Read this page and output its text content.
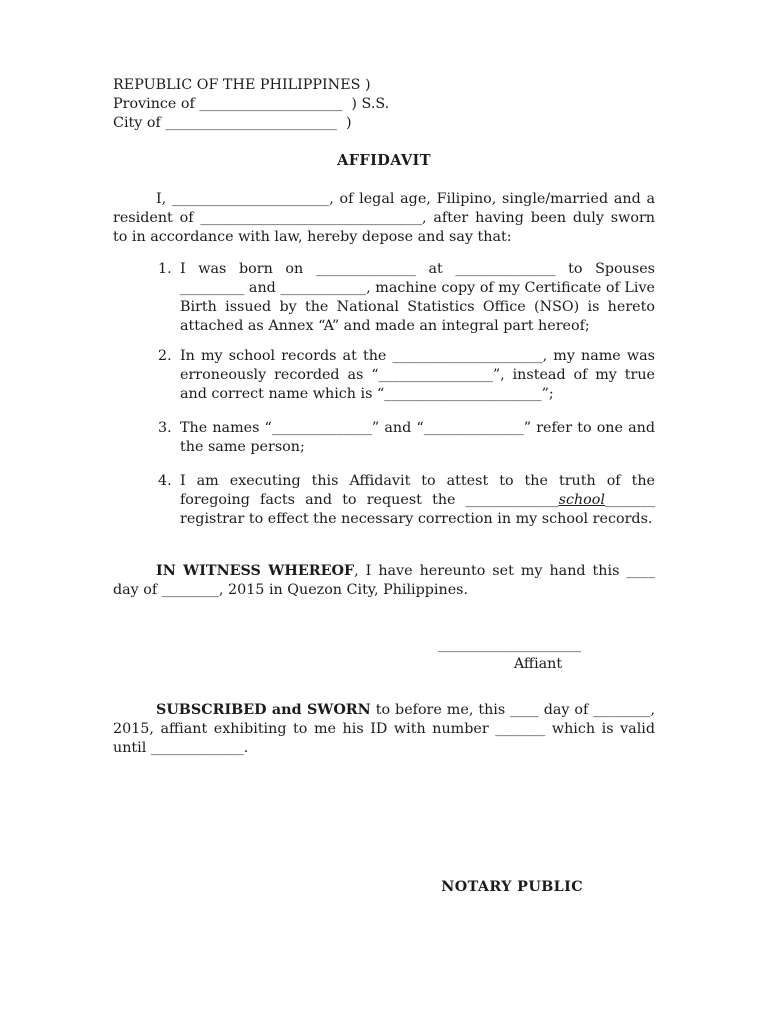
REPUBLIC OF THE PHILIPPINES )
Province of ____________________  ) S.S.
City of ________________________  )
AFFIDAVIT

I, ______________________, of legal age, Filipino, single/married and a resident of _______________________________, after having been duly sworn to in accordance with law, hereby depose and say that:

1. I was born on ______________ at ______________ to Spouses _________ and ____________, machine copy of my Certificate of Live Birth issued by the National Statistics Office (NSO) is hereto attached as Annex “A” and made an integral part hereof;
2. In my school records at the _____________________, my name was erroneously recorded as “________________”, instead of my true and correct name which is “______________________”;
3. The names “______________” and “______________” refer to one and the same person;
4. I am executing this Affidavit to attest to the truth of the foregoing facts and to request the _____________school_______ registrar to effect the necessary correction in my school records.

IN WITNESS WHEREOF, I have hereunto set my hand this ____ day of ________, 2015 in Quezon City, Philippines.

____________________
Affiant

SUBSCRIBED and SWORN to before me, this ____ day of ________, 2015, affiant exhibiting to me his ID with number _______ which is valid until _____________.

NOTARY PUBLIC
